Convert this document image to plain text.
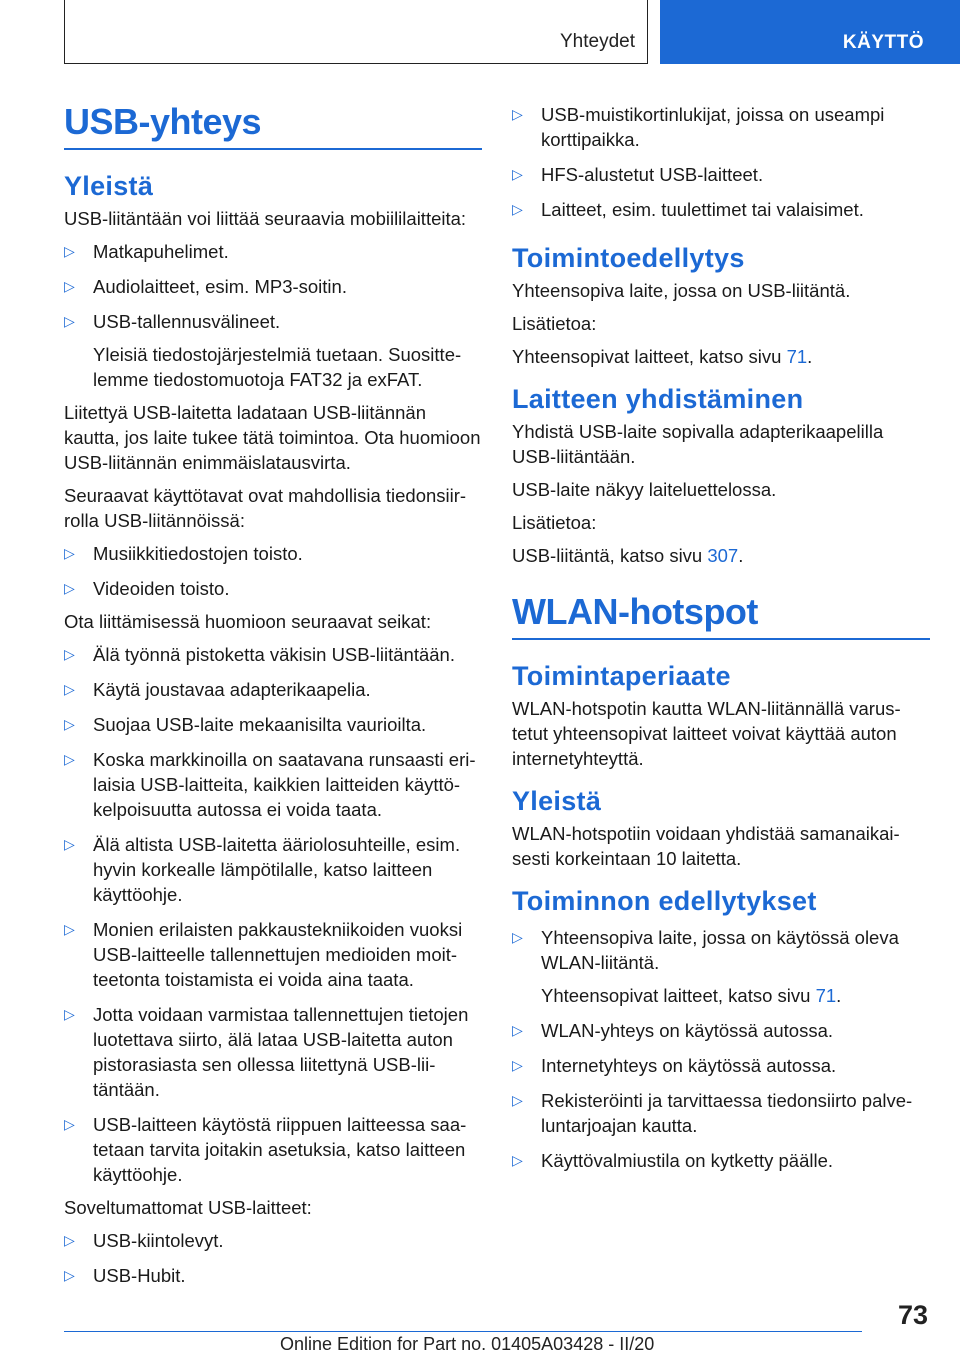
Yhteydet	KÄYTTÖ
USB-yhteys
Yleistä

USB-liitäntään voi liittää seuraavia mobiililaitteita:

▷ Matkapuhelimet.
▷ Audiolaitteet, esim. MP3-soitin.
▷ USB-tallennusvälineet.
Yleisiä tiedostojärjestelmiä tuetaan. Suosittelemme tiedostomuotoja FAT32 ja exFAT.

Liitettyä USB-laitetta ladataan USB-liitännän kautta, jos laite tukee tätä toimintoa. Ota huomioon USB-liitännän enimmäislatausvirta.

Seuraavat käyttötavat ovat mahdollisia tiedonsiirrolla USB-liitännöissä:

▷ Musiikkitiedostojen toisto.
▷ Videoiden toisto.

Ota liittämisessä huomioon seuraavat seikat:

▷ Älä työnnä pistoketta väkisin USB-liitäntään.
▷ Käytä joustavaa adapterikaapelia.
▷ Suojaa USB-laite mekaanisilta vaurioilta.
▷ Koska markkinoilla on saatavana runsaasti erilaisia USB-laitteita, kaikkien laitteiden käyttökelpoisuutta autossa ei voida taata.
▷ Älä altista USB-laitetta ääriolosuhteille, esim. hyvin korkealle lämpötilalle, katso laitteen käyttöohje.
▷ Monien erilaisten pakkaustekniikoiden vuoksi USB-laitteelle tallennettujen medioiden moitteetonta toistamista ei voida aina taata.
▷ Jotta voidaan varmistaa tallennettujen tietojen luotettava siirto, älä lataa USB-laitetta auton pistorasiasta sen ollessa liitettynä USB-liitäntään.
▷ USB-laitteen käytöstä riippuen laitteessa saatetaan tarvita joitakin asetuksia, katso laitteen käyttöohje.

Soveltumattomat USB-laitteet:

▷ USB-kiintolevyt.
▷ USB-Hubit.
▷ USB-muistikortinlukijat, joissa on useampi korttipaikka.
▷ HFS-alustetut USB-laitteet.
▷ Laitteet, esim. tuulettimet tai valaisimet.
Toimintoedellytys

Yhteensopiva laite, jossa on USB-liitäntä.

Lisätietoa:

Yhteensopivat laitteet, katso sivu 71.

Laitteen yhdistäminen

Yhdistä USB-laite sopivalla adapterikaapelilla USB-liitäntään.

USB-laite näkyy laiteluettelossa.

Lisätietoa:

USB-liitäntä, katso sivu 307.

WLAN-hotspot
Toimintaperiaate

WLAN-hotspotin kautta WLAN-liitännällä varustetut yhteensopivat laitteet voivat käyttää auton internetyhteyttä.

Yleistä

WLAN-hotspotiin voidaan yhdistää samanaikaisesti korkeintaan 10 laitetta.

Toiminnon edellytykset
▷ Yhteensopiva laite, jossa on käytössä oleva WLAN-liitäntä.
Yhteensopivat laitteet, katso sivu 71.
▷ WLAN-yhteys on käytössä autossa.
▷ Internetyhteys on käytössä autossa.
▷ Rekisteröinti ja tarvittaessa tiedonsiirto palveluntarjoajan kautta.
▷ Käyttövalmiustila on kytketty päälle.
73
Online Edition for Part no. 01405A03428 - II/20
